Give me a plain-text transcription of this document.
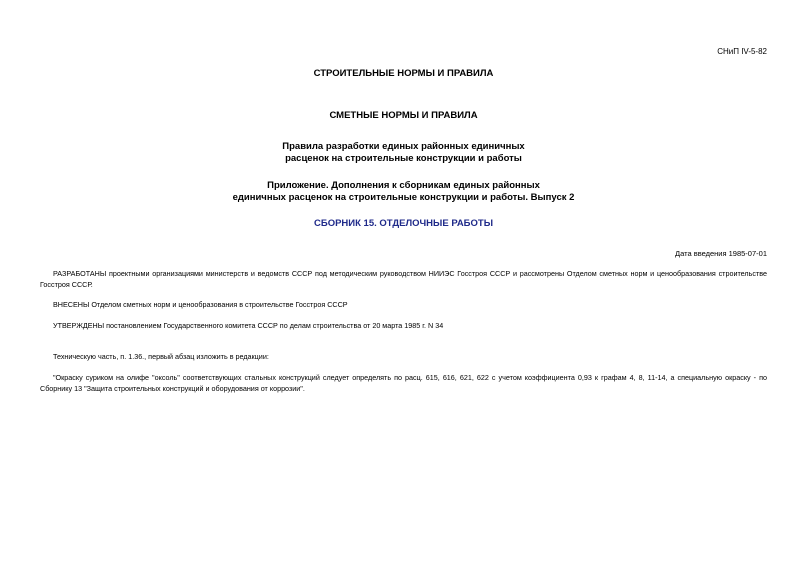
СНиП IV-5-82
СТРОИТЕЛЬНЫЕ НОРМЫ И ПРАВИЛА
СМЕТНЫЕ НОРМЫ И ПРАВИЛА
Правила разработки единых районных единичных
расценок на строительные конструкции и работы
Приложение. Дополнения к сборникам единых районных
единичных расценок на строительные конструкции и работы. Выпуск 2
СБОРНИК 15. ОТДЕЛОЧНЫЕ РАБОТЫ
Дата введения 1985-07-01
РАЗРАБОТАНЫ проектными организациями министерств и ведомств СССР под методическим руководством НИИЭС Госстроя СССР и рассмотрены Отделом сметных норм и ценообразования строительстве Госстроя СССР.
ВНЕСЕНЫ Отделом сметных норм и ценообразования в строительстве Госстроя СССР
УТВЕРЖДЕНЫ постановлением Государственного комитета СССР по делам строительства от 20 марта 1985 г. N 34
Техническую часть, п. 1.36., первый абзац изложить в редакции:
"Окраску суриком на олифе "оксоль" соответствующих стальных конструкций следует определять по расц. 615, 616, 621, 622 с учетом коэффициента 0,93 к графам 4, 8, 11-14, а специальную окраску - по Сборнику 13 "Защита строительных конструкций и оборудования от коррозии".
